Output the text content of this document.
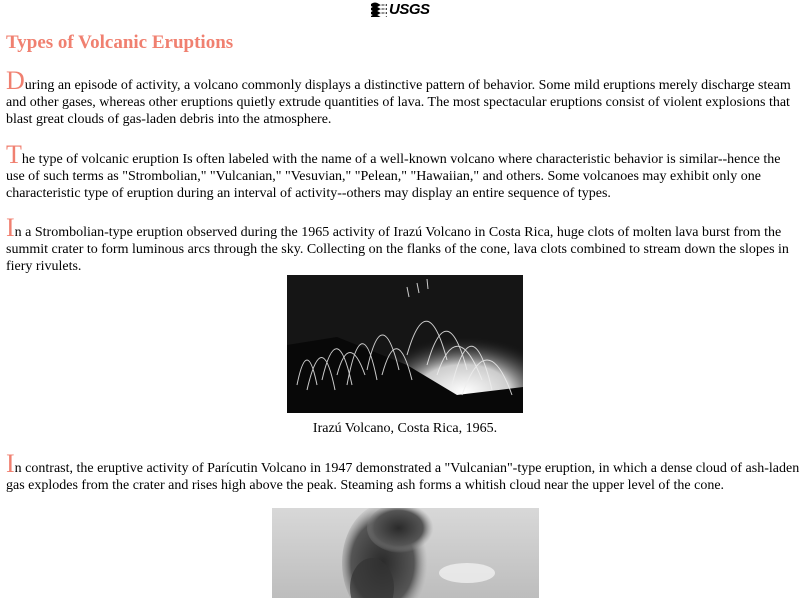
USGS
Types of Volcanic Eruptions

During an episode of activity, a volcano commonly displays a distinctive pattern of behavior. Some mild eruptions merely discharge steam and other gases, whereas other eruptions quietly extrude quantities of lava. The most spectacular eruptions consist of violent explosions that blast great clouds of gas-laden debris into the atmosphere.

The type of volcanic eruption Is often labeled with the name of a well-known volcano where characteristic behavior is similar--hence the use of such terms as "Strombolian," "Vulcanian," "Vesuvian," "Pelean," "Hawaiian," and others. Some volcanoes may exhibit only one characteristic type of eruption during an interval of activity--others may display an entire sequence of types.

In a Strombolian-type eruption observed during the 1965 activity of Irazú Volcano in Costa Rica, huge clots of molten lava burst from the summit crater to form luminous arcs through the sky. Collecting on the flanks of the cone, lava clots combined to stream down the slopes in fiery rivulets.

Irazú Volcano, Costa Rica, 1965.

In contrast, the eruptive activity of Parícutin Volcano in 1947 demonstrated a "Vulcanian"-type eruption, in which a dense cloud of ash-laden gas explodes from the crater and rises high above the peak. Steaming ash forms a whitish cloud near the upper level of the cone.
